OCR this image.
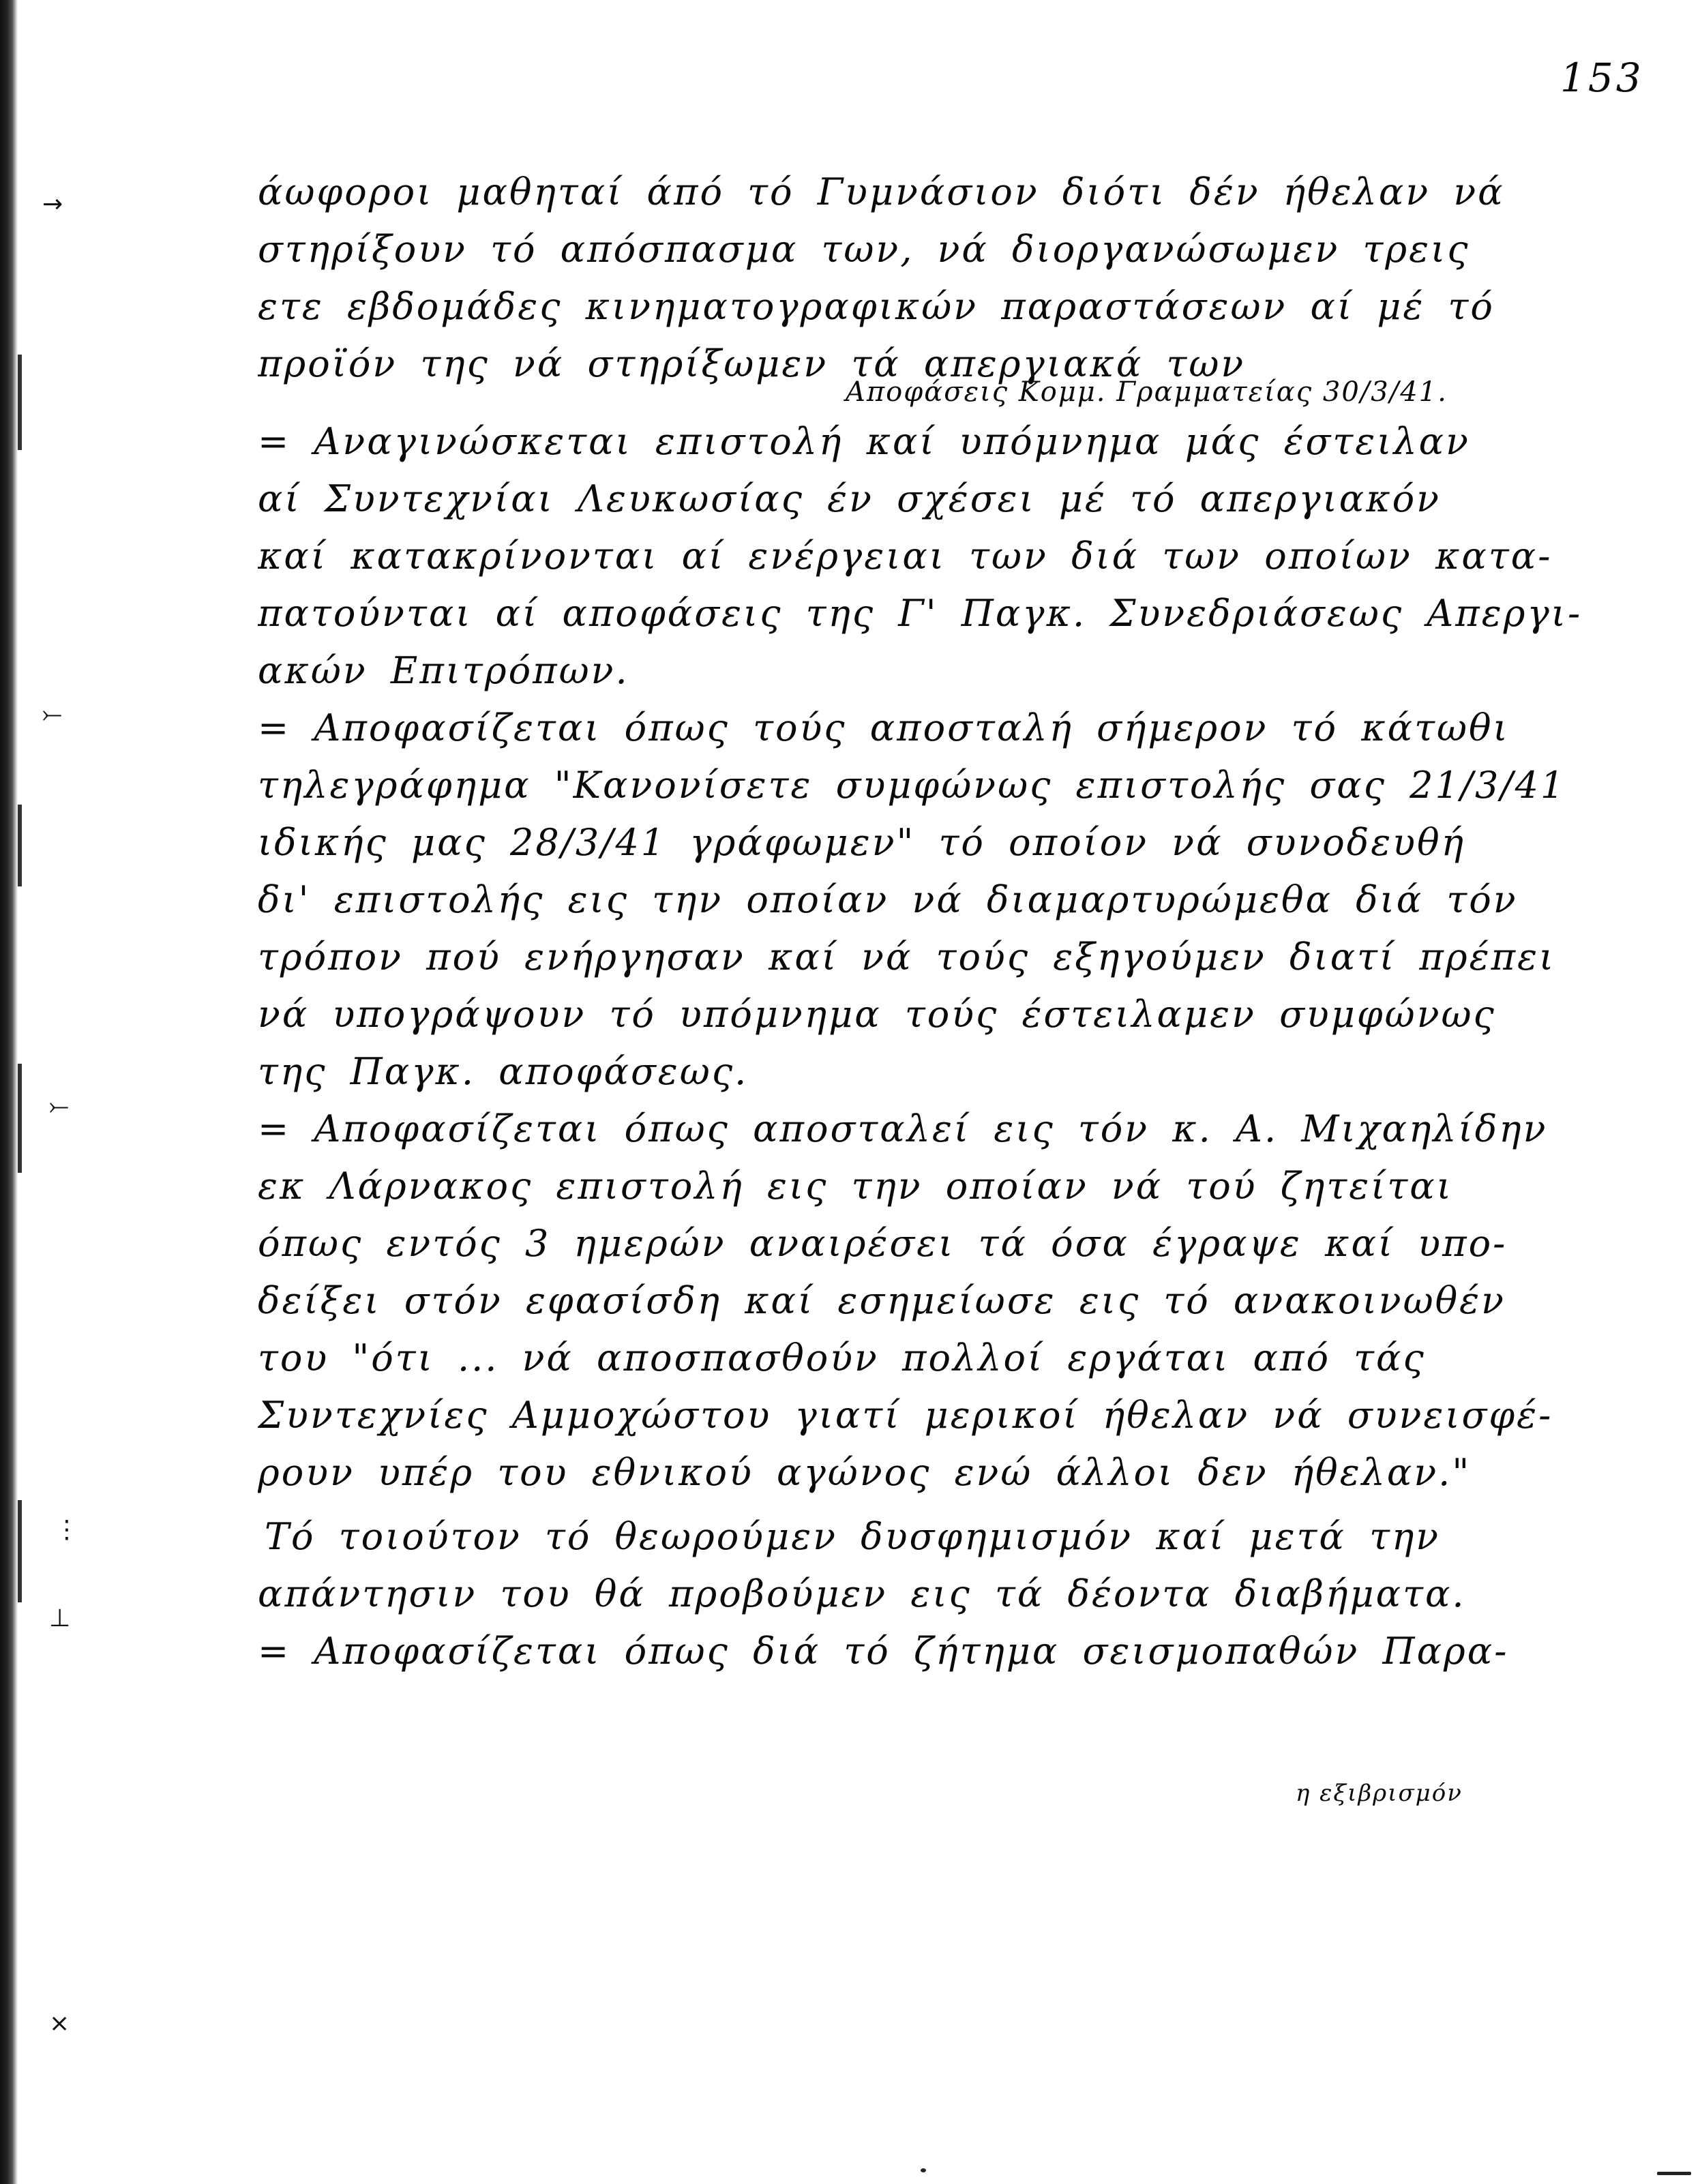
→
⤚
⤚
⋮
⊥
×
153
Αποφάσεις Κομμ. Γραμματείας 30/3/41.
η εξιβρισμόν
άωφοροι μαθηταί άπό τό Γυμνάσιον διότι δέν ήθελαν νά
στηρίξουν τό απόσπασμα των, νά διοργανώσωμεν τρεις
ετε εβδομάδες κινηματογραφικών παραστάσεων αί μέ τό
προϊόν της νά στηρίξωμεν τά απεργιακά των
= Αναγινώσκεται επιστολή καί υπόμνημα μάς έστειλαν
αί Συντεχνίαι Λευκωσίας έν σχέσει μέ τό απεργιακόν
καί κατακρίνονται αί ενέργειαι των διά των οποίων κατα-
πατούνται αί αποφάσεις της Γ' Παγκ. Συνεδριάσεως Απεργι-
ακών Επιτρόπων.
= Αποφασίζεται όπως τούς αποσταλή σήμερον τό κάτωθι
τηλεγράφημα "Κανονίσετε συμφώνως επιστολής σας 21/3/41
ιδικής μας 28/3/41 γράφωμεν" τό οποίον νά συνοδευθή
δι' επιστολής εις την οποίαν νά διαμαρτυρώμεθα διά τόν
τρόπον πού ενήργησαν καί νά τούς εξηγούμεν διατί πρέπει
νά υπογράψουν τό υπόμνημα τούς έστειλαμεν συμφώνως
της Παγκ. αποφάσεως.
= Αποφασίζεται όπως αποσταλεί εις τόν κ. Α. Μιχαηλίδην
εκ Λάρνακος επιστολή εις την οποίαν νά τού ζητείται
όπως εντός 3 ημερών αναιρέσει τά όσα έγραψε καί υπο-
δείξει στόν εφασίσδη καί εσημείωσε εις τό ανακοινωθέν
του "ότι ... νά αποσπασθούν πολλοί εργάται από τάς
Συντεχνίες Αμμοχώστου γιατί μερικοί ήθελαν νά συνεισφέ-
ρουν υπέρ του εθνικού αγώνος ενώ άλλοι δεν ήθελαν."
Τό τοιούτον τό θεωρούμεν δυσφημισμόν καί μετά την
απάντησιν του θά προβούμεν εις τά δέοντα διαβήματα.
= Αποφασίζεται όπως διά τό ζήτημα σεισμοπαθών Παρα-
